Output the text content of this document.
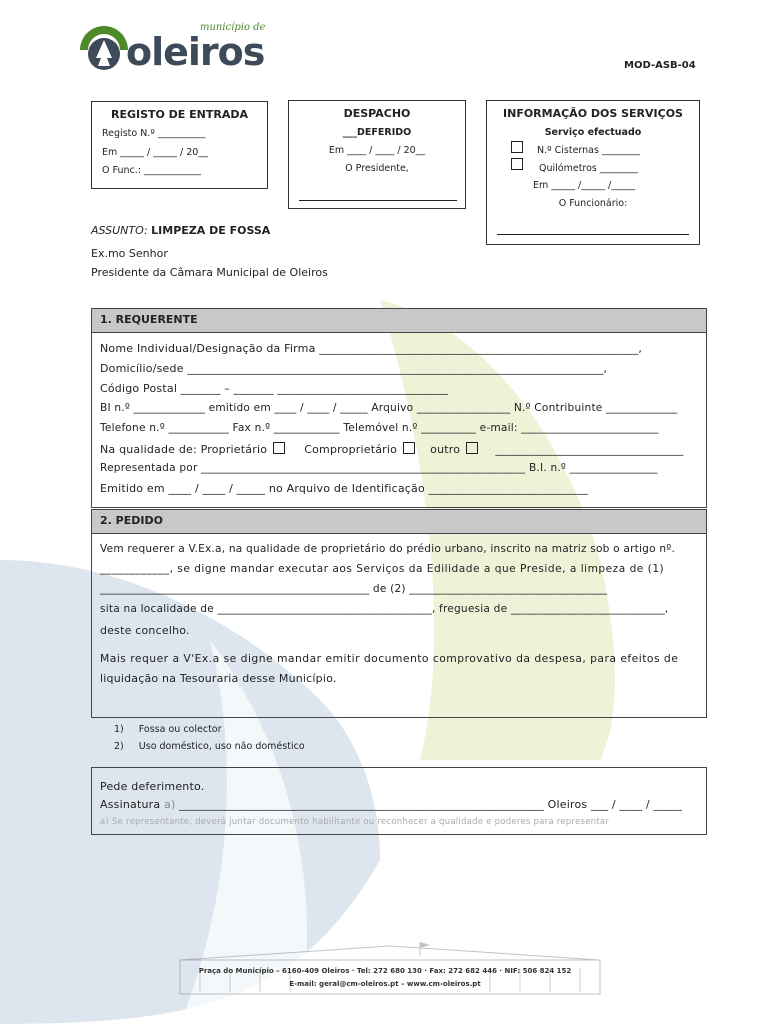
município de
oleiros	MOD-ASB-04
REGISTO DE ENTRADA
Registo N.º __________
Em _____ / _____ / 20__
O Func.: ____________
DESPACHO
___DEFERIDO
Em ____ / ____ / 20__
O Presidente,
INFORMAÇÃO DOS SERVIÇOS
Serviço efectuado
N.º Cisternas ________
Quilómetros ________
Em _____ /_____ /_____
O Funcionário:
ASSUNTO: LIMPEZA DE FOSSA
Ex.mo Senhor
Presidente da Câmara Municipal de Oleiros
1. REQUERENTE
Nome Individual/Designação da Firma ________________________________________________________,
Domicílio/sede _________________________________________________________________________,
Código Postal _______ – _______ ______________________________
BI n.º _____________ emitido em ____ / ____ / _____ Arquivo _________________ N.º Contribuinte _____________
Telefone n.º ___________ Fax n.º ____________ Telemóvel n.º __________ e-mail: _________________________
Na qualidade de: Proprietário	Comproprietário	outro	_________________________________
Representada por ___________________________________________________________ B.I. n.º ________________
Emitido em ____ / ____ / _____ no Arquivo de Identificação ____________________________
2. PEDIDO
Vem requerer a V.Ex.a, na qualidade de proprietário do prédio urbano, inscrito na matriz sob o artigo nº.
____________, se digne mandar executar aos Serviços da Edilidade a que Preside, a limpeza de (1)
_________________________________________________ de (2) ____________________________________
sita na localidade de _______________________________________, freguesia de ____________________________,
deste concelho.
Mais requer a V'Ex.a se digne mandar emitir documento comprovativo da despesa, para efeitos de
liquidação na Tesouraria desse Município.
1) Fossa ou colector
2) Uso doméstico, uso não doméstico
Pede deferimento.
Assinatura a) ________________________________________________________________ Oleiros ___ / ____ / _____
a) Se representante, deverá juntar documento habilitante ou reconhecer a qualidade e poderes para representar
Praça do Município – 6160-409 Oleiros · Tel: 272 680 130 · Fax: 272 682 446 · NIF: 506 824 152
E-mail: geral@cm-oleiros.pt – www.cm-oleiros.pt
